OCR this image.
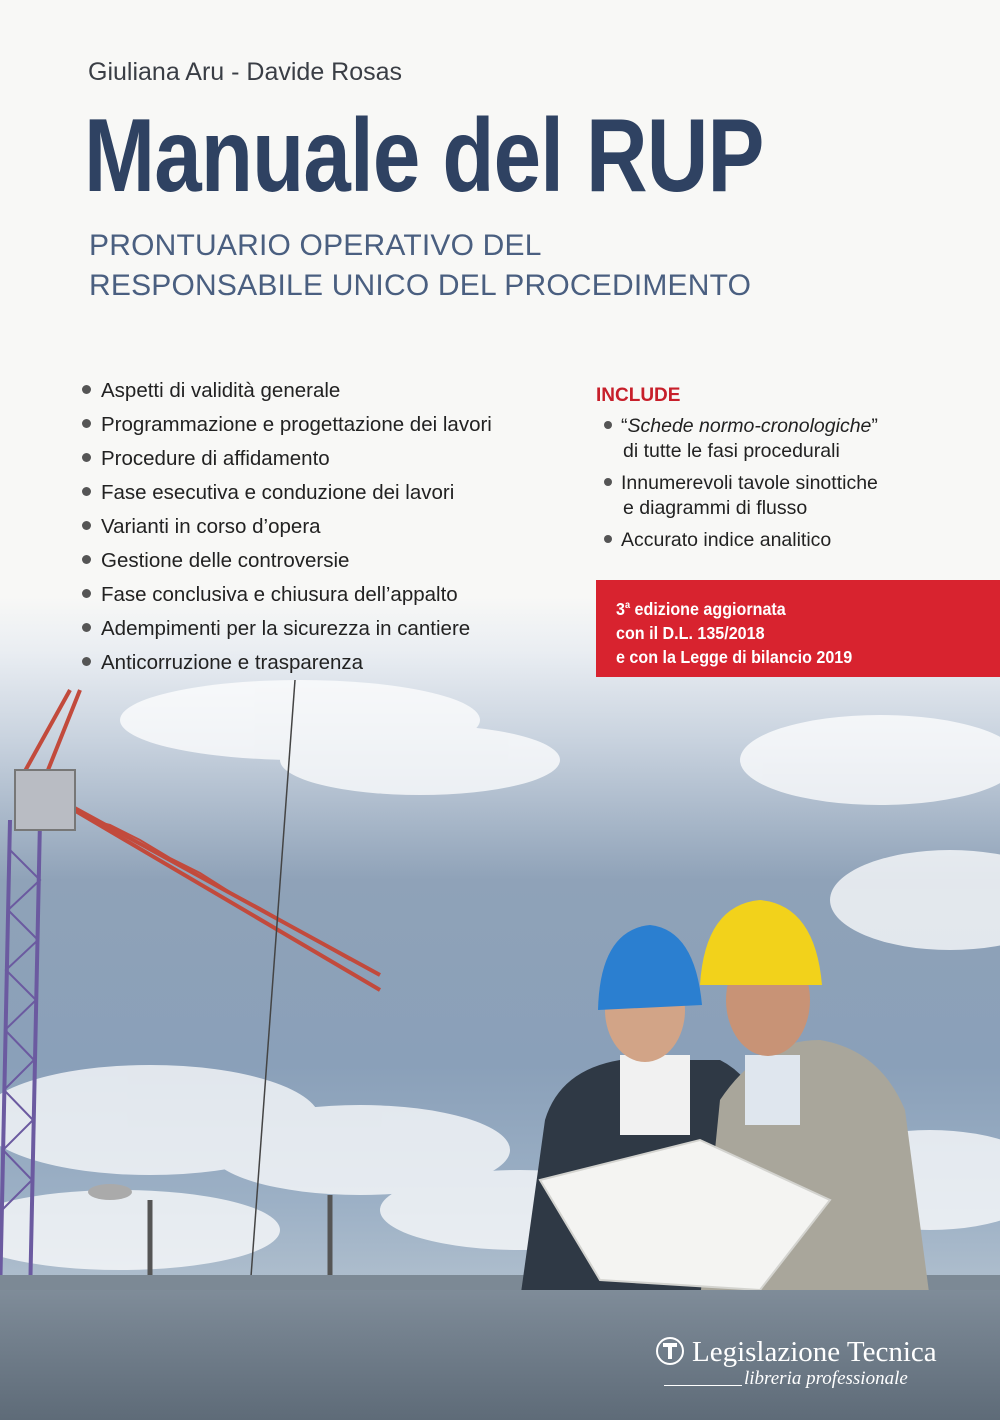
Giuliana Aru - Davide Rosas
Manuale del RUP
PRONTUARIO OPERATIVO DEL
RESPONSABILE UNICO DEL PROCEDIMENTO
Aspetti di validità generale
Programmazione e progettazione dei lavori
Procedure di affidamento
Fase esecutiva e conduzione dei lavori
Varianti in corso d’opera
Gestione delle controversie
Fase conclusiva e chiusura dell’appalto
Adempimenti per la sicurezza in cantiere
Anticorruzione e trasparenza
INCLUDE
“Schede normo-cronologiche”
di tutte le fasi procedurali
Innumerevoli tavole sinottiche
e diagrammi di flusso
Accurato indice analitico
3$^a$ edizione aggiornata
con il D.L. 135/2018
e con la Legge di bilancio 2019
Legislazione Tecnica
libreria professionale
